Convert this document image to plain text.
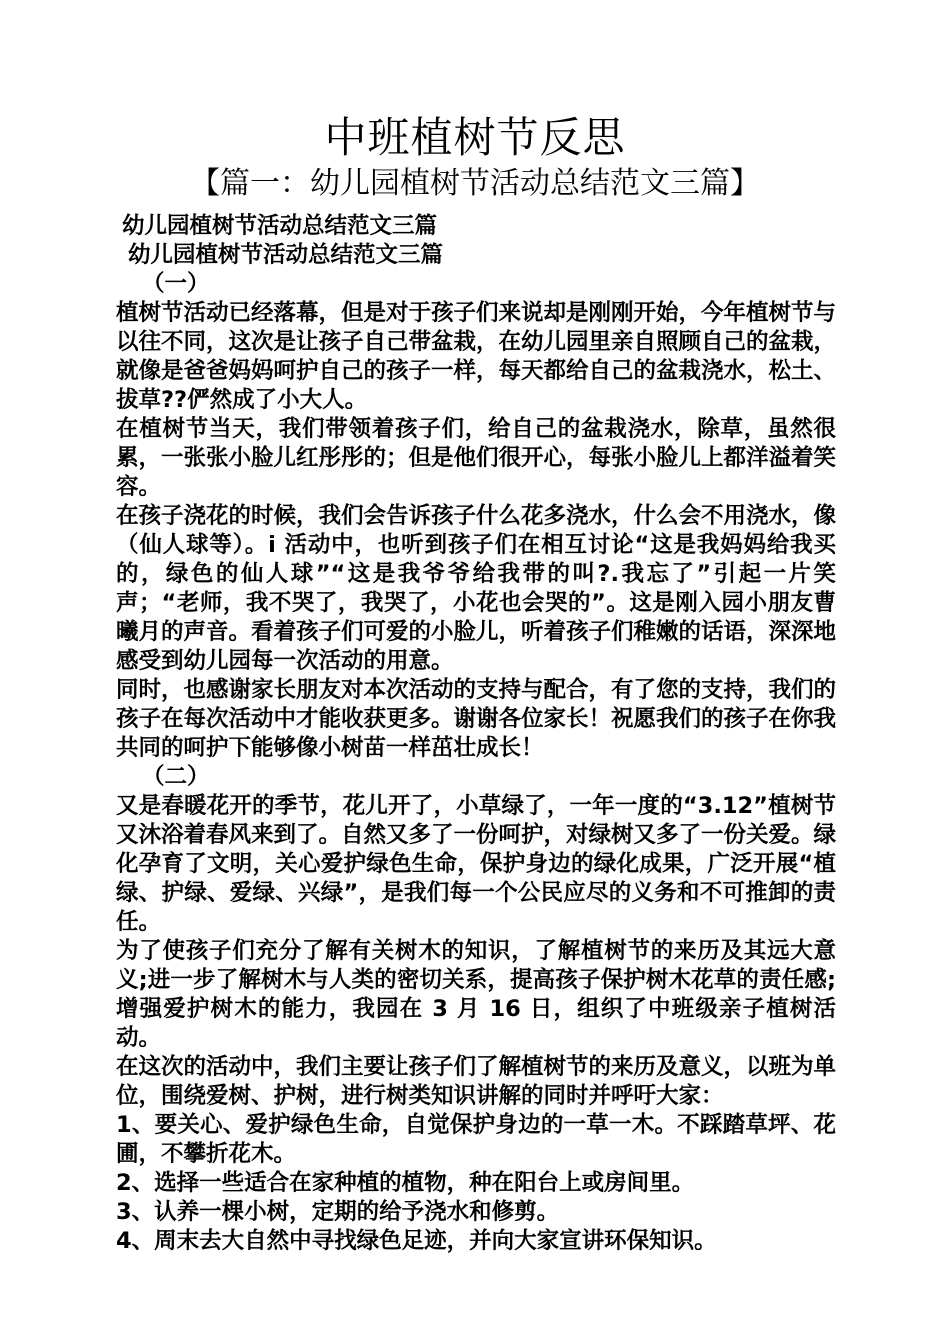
中班植树节反思
【篇一：幼儿园植树节活动总结范文三篇】

幼儿园植树节活动总结范文三篇

幼儿园植树节活动总结范文三篇

（一）

植树节活动已经落幕，但是对于孩子们来说却是刚刚开始，今年植树节与以往不同，这次是让孩子自己带盆栽，在幼儿园里亲自照顾自己的盆栽，就像是爸爸妈妈呵护自己的孩子一样，每天都给自己的盆栽浇水，松土、拔草??俨然成了小大人。

在植树节当天，我们带领着孩子们，给自己的盆栽浇水，除草，虽然很累，一张张小脸儿红彤彤的；但是他们很开心，每张小脸儿上都洋溢着笑容。

在孩子浇花的时候，我们会告诉孩子什么花多浇水，什么会不用浇水，像（仙人球等）。i 活动中，也听到孩子们在相互讨论“这是我妈妈给我买的，绿色的仙人球”“这是我爷爷给我带的叫?.我忘了”引起一片笑声；“老师，我不哭了，我哭了，小花也会哭的”。这是刚入园小朋友曹曦月的声音。看着孩子们可爱的小脸儿，听着孩子们稚嫩的话语，深深地感受到幼儿园每一次活动的用意。

同时，也感谢家长朋友对本次活动的支持与配合，有了您的支持，我们的孩子在每次活动中才能收获更多。谢谢各位家长！祝愿我们的孩子在你我共同的呵护下能够像小树苗一样茁壮成长！

（二）

又是春暖花开的季节，花儿开了，小草绿了，一年一度的“3.12”植树节又沐浴着春风来到了。自然又多了一份呵护，对绿树又多了一份关爱。绿化孕育了文明，关心爱护绿色生命，保护身边的绿化成果，广泛开展“植绿、护绿、爱绿、兴绿”，是我们每一个公民应尽的义务和不可推卸的责任。

为了使孩子们充分了解有关树木的知识，了解植树节的来历及其远大意义;进一步了解树木与人类的密切关系，提高孩子保护树木花草的责任感;增强爱护树木的能力，我园在 3 月 16 日，组织了中班级亲子植树活动。

在这次的活动中，我们主要让孩子们了解植树节的来历及意义，以班为单位，围绕爱树、护树，进行树类知识讲解的同时并呼吁大家：

1、要关心、爱护绿色生命，自觉保护身边的一草一木。不踩踏草坪、花圃，不攀折花木。

2、选择一些适合在家种植的植物，种在阳台上或房间里。

3、认养一棵小树，定期的给予浇水和修剪。

4、周末去大自然中寻找绿色足迹，并向大家宣讲环保知识。
